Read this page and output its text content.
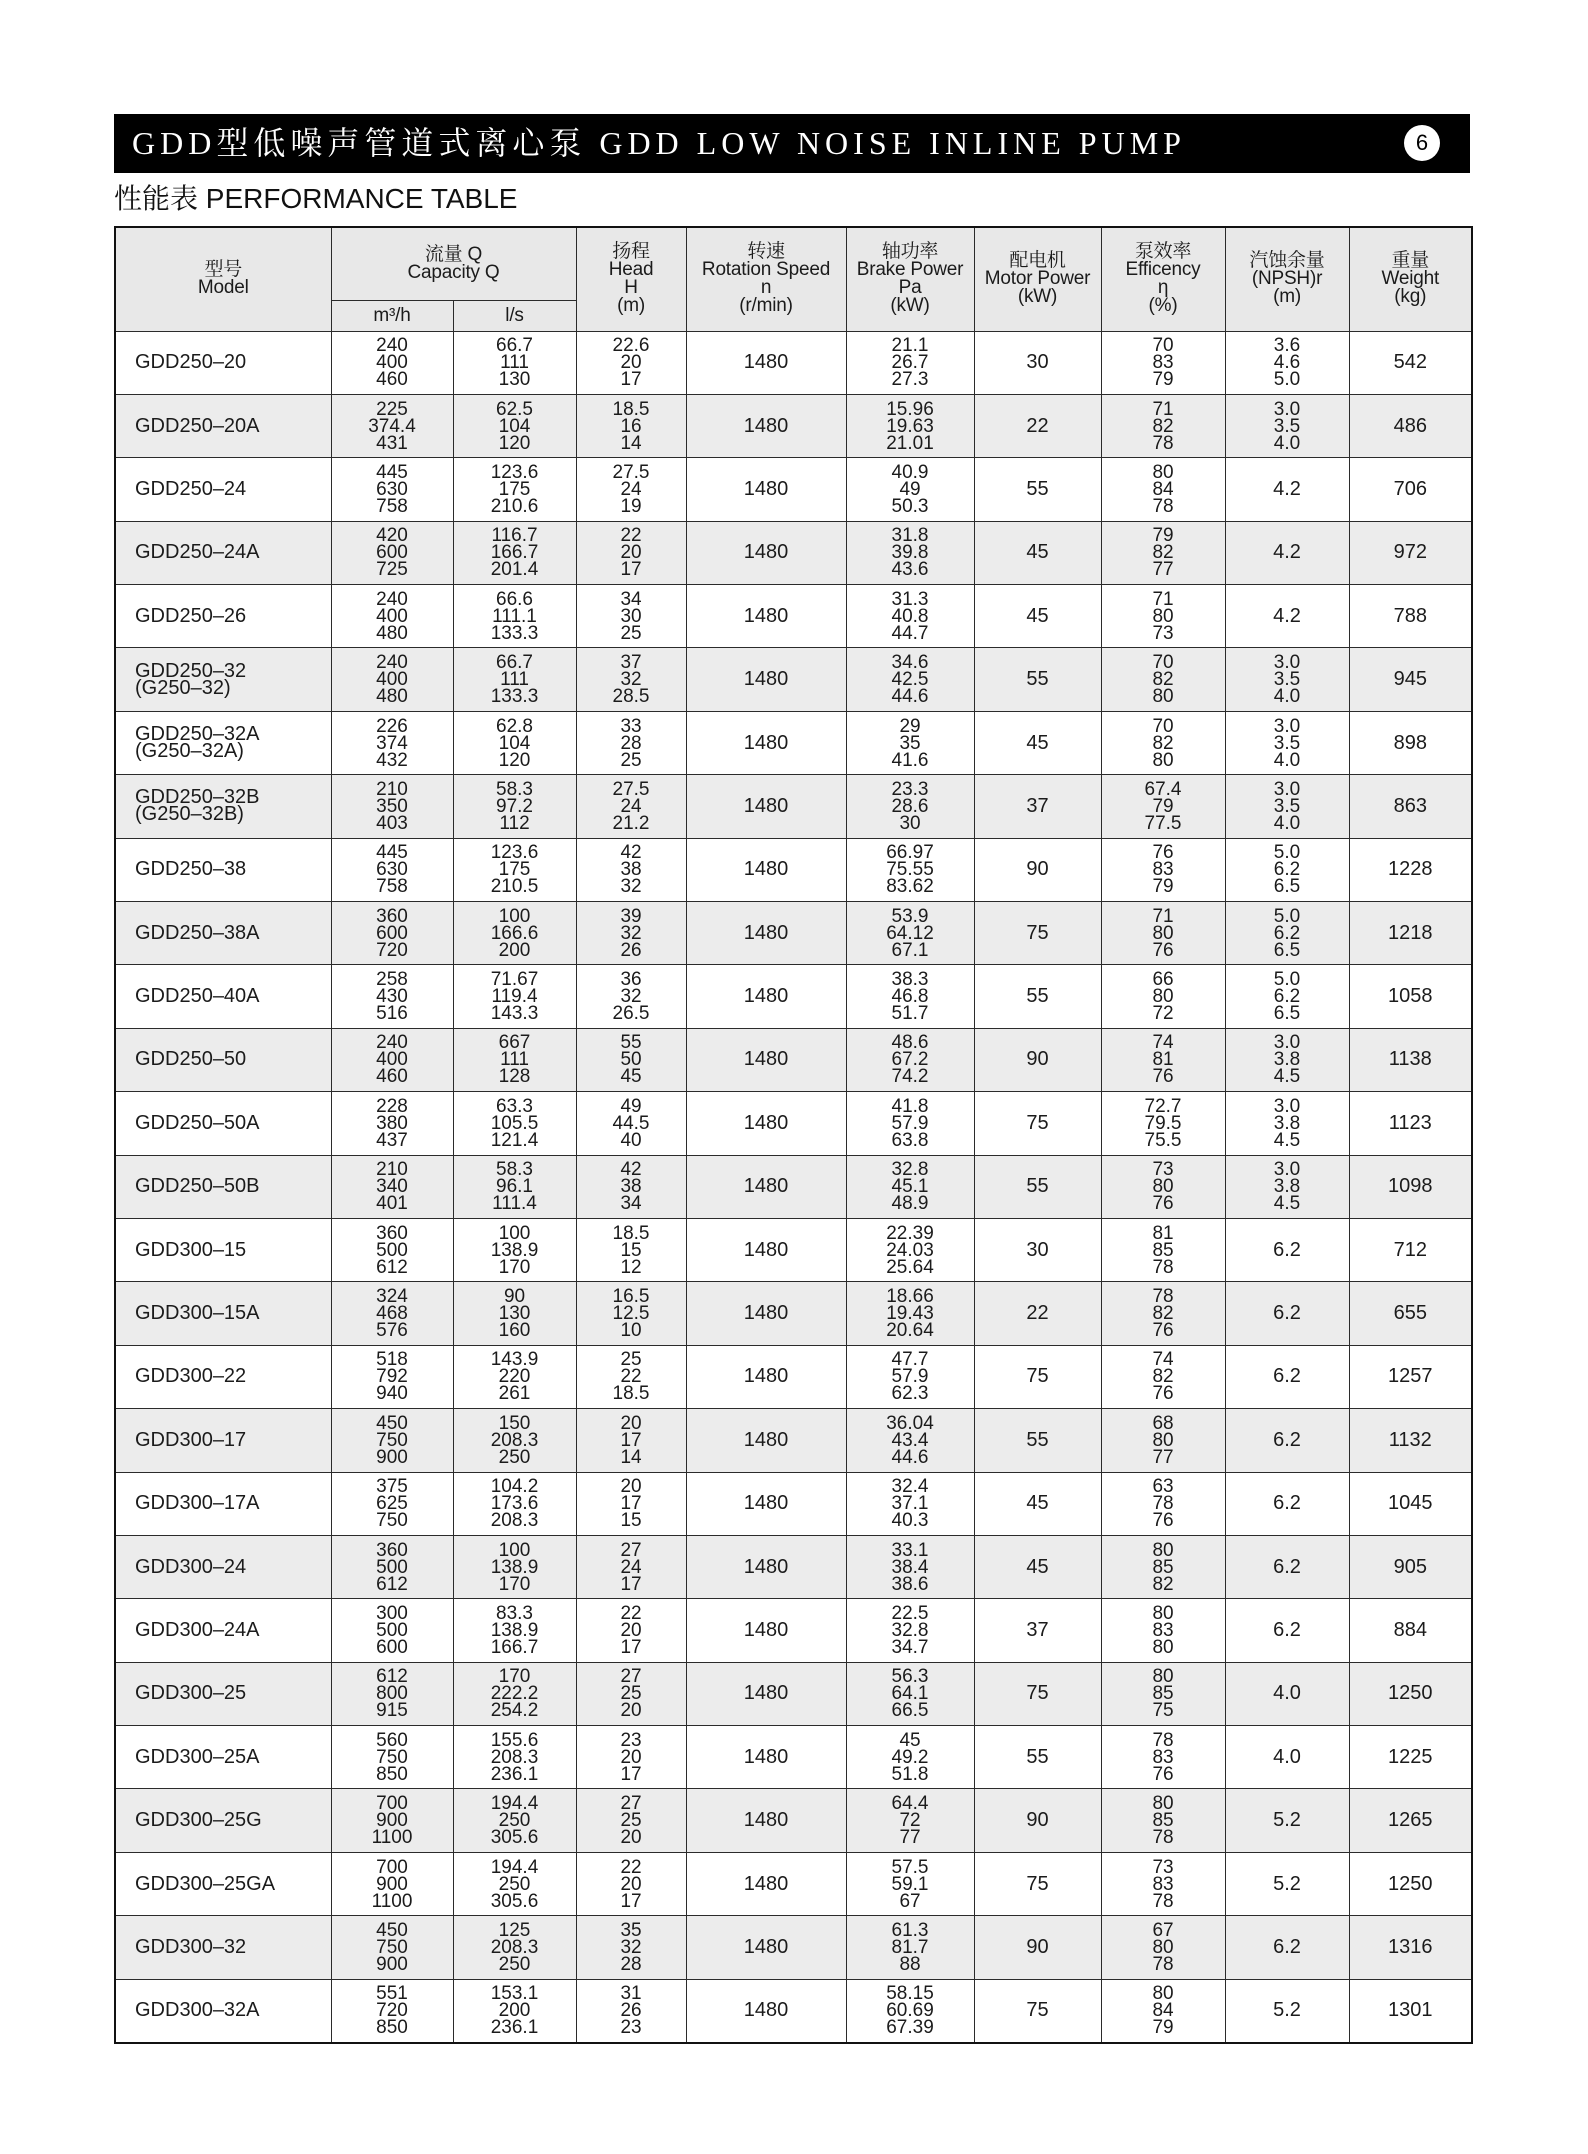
GDD型低噪声管道式离心泵 GDD LOW NOISE INLINE PUMP	6
性能表 PERFORMANCE TABLE
型号
Model	流量 Q
Capacity Q		扬程
Head
H
(m)	转速
Rotation Speed
n
(r/min)	轴功率
Brake Power
Pa
(kW)	配电机
Motor Power
(kW)	泵效率
Efficency
η
(%)	汽蚀余量
(NPSH)r
(m)	重量
Weight
(kg)

	m³/h	l/s							

GDD250–20	240
400
460	66.7
111
130	22.6
20
17	1480	21.1
26.7
27.3	30	70
83
79	3.6
4.6
5.0	542

GDD250–20A	225
374.4
431	62.5
104
120	18.5
16
14	1480	15.96
19.63
21.01	22	71
82
78	3.0
3.5
4.0	486

GDD250–24	445
630
758	123.6
175
210.6	27.5
24
19	1480	40.9
49
50.3	55	80
84
78	4.2	706

GDD250–24A	420
600
725	116.7
166.7
201.4	22
20
17	1480	31.8
39.8
43.6	45	79
82
77	4.2	972

GDD250–26	240
400
480	66.6
111.1
133.3	34
30
25	1480	31.3
40.8
44.7	45	71
80
73	4.2	788

GDD250–32
(G250–32)	240
400
480	66.7
111
133.3	37
32
28.5	1480	34.6
42.5
44.6	55	70
82
80	3.0
3.5
4.0	945

GDD250–32A
(G250–32A)	226
374
432	62.8
104
120	33
28
25	1480	29
35
41.6	45	70
82
80	3.0
3.5
4.0	898

GDD250–32B
(G250–32B)	210
350
403	58.3
97.2
112	27.5
24
21.2	1480	23.3
28.6
30	37	67.4
79
77.5	3.0
3.5
4.0	863

GDD250–38	445
630
758	123.6
175
210.5	42
38
32	1480	66.97
75.55
83.62	90	76
83
79	5.0
6.2
6.5	1228

GDD250–38A	360
600
720	100
166.6
200	39
32
26	1480	53.9
64.12
67.1	75	71
80
76	5.0
6.2
6.5	1218

GDD250–40A	258
430
516	71.67
119.4
143.3	36
32
26.5	1480	38.3
46.8
51.7	55	66
80
72	5.0
6.2
6.5	1058

GDD250–50	240
400
460	667
111
128	55
50
45	1480	48.6
67.2
74.2	90	74
81
76	3.0
3.8
4.5	1138

GDD250–50A	228
380
437	63.3
105.5
121.4	49
44.5
40	1480	41.8
57.9
63.8	75	72.7
79.5
75.5	3.0
3.8
4.5	1123

GDD250–50B	210
340
401	58.3
96.1
111.4	42
38
34	1480	32.8
45.1
48.9	55	73
80
76	3.0
3.8
4.5	1098

GDD300–15	360
500
612	100
138.9
170	18.5
15
12	1480	22.39
24.03
25.64	30	81
85
78	6.2	712

GDD300–15A	324
468
576	90
130
160	16.5
12.5
10	1480	18.66
19.43
20.64	22	78
82
76	6.2	655

GDD300–22	518
792
940	143.9
220
261	25
22
18.5	1480	47.7
57.9
62.3	75	74
82
76	6.2	1257

GDD300–17	450
750
900	150
208.3
250	20
17
14	1480	36.04
43.4
44.6	55	68
80
77	6.2	1132

GDD300–17A	375
625
750	104.2
173.6
208.3	20
17
15	1480	32.4
37.1
40.3	45	63
78
76	6.2	1045

GDD300–24	360
500
612	100
138.9
170	27
24
17	1480	33.1
38.4
38.6	45	80
85
82	6.2	905

GDD300–24A	300
500
600	83.3
138.9
166.7	22
20
17	1480	22.5
32.8
34.7	37	80
83
80	6.2	884

GDD300–25	612
800
915	170
222.2
254.2	27
25
20	1480	56.3
64.1
66.5	75	80
85
75	4.0	1250

GDD300–25A	560
750
850	155.6
208.3
236.1	23
20
17	1480	45
49.2
51.8	55	78
83
76	4.0	1225

GDD300–25G	700
900
1100	194.4
250
305.6	27
25
20	1480	64.4
72
77	90	80
85
78	5.2	1265

GDD300–25GA	700
900
1100	194.4
250
305.6	22
20
17	1480	57.5
59.1
67	75	73
83
78	5.2	1250

GDD300–32	450
750
900	125
208.3
250	35
32
28	1480	61.3
81.7
88	90	67
80
78	6.2	1316

GDD300–32A	551
720
850	153.1
200
236.1	31
26
23	1480	58.15
60.69
67.39	75	80
84
79	5.2	1301
